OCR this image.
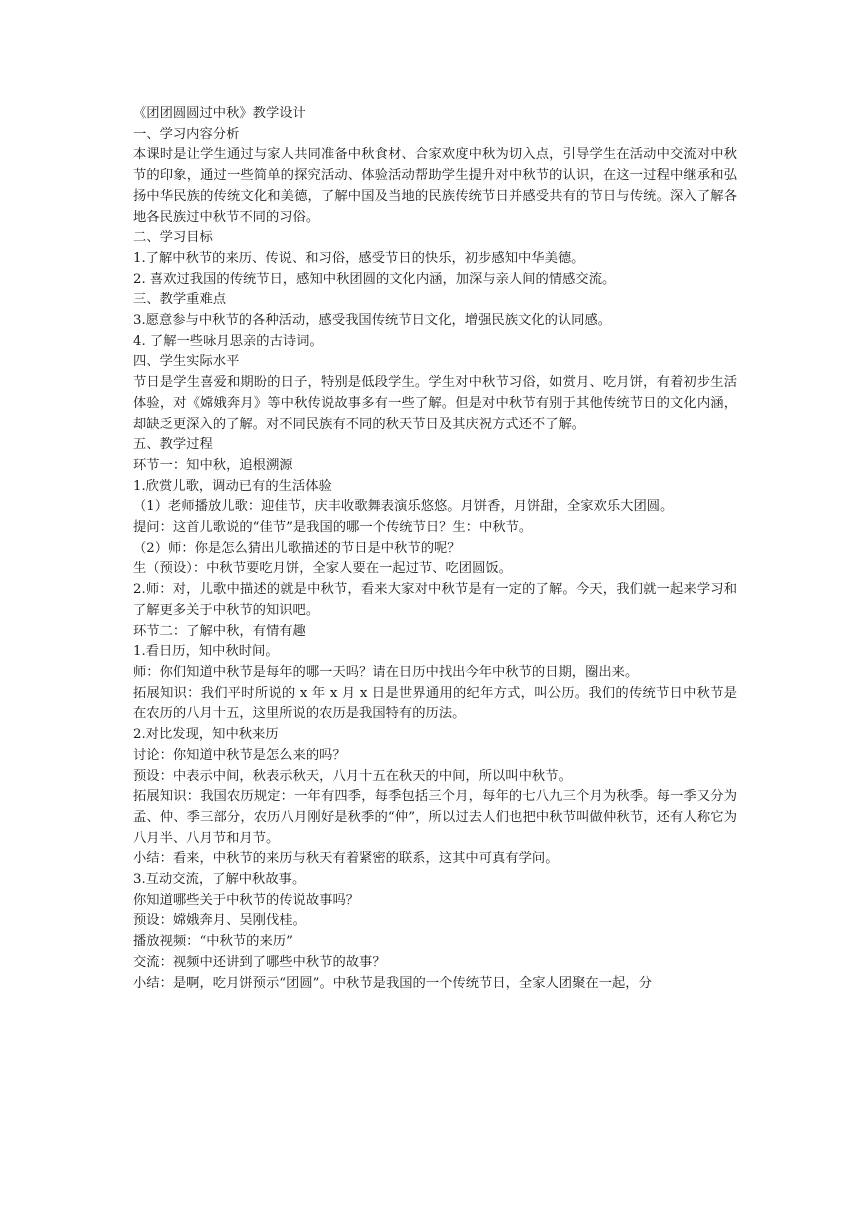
《团团圆圆过中秋》教学设计
一、学习内容分析
本课时是让学生通过与家人共同准备中秋食材、合家欢度中秋为切入点，引导学生在活动中交流对中秋节的印象，通过一些简单的探究活动、体验活动帮助学生提升对中秋节的认识，在这一过程中继承和弘扬中华民族的传统文化和美德，了解中国及当地的民族传统节日并感受共有的节日与传统。深入了解各地各民族过中秋节不同的习俗。
二、学习目标
1.了解中秋节的来历、传说、和习俗，感受节日的快乐，初步感知中华美德。
2. 喜欢过我国的传统节日，感知中秋团圆的文化内涵，加深与亲人间的情感交流。
三、教学重难点
3.愿意参与中秋节的各种活动，感受我国传统节日文化，增强民族文化的认同感。
4. 了解一些咏月思亲的古诗词。
四、学生实际水平
节日是学生喜爱和期盼的日子，特别是低段学生。学生对中秋节习俗，如赏月、吃月饼，有着初步生活体验，对《嫦娥奔月》等中秋传说故事多有一些了解。但是对中秋节有别于其他传统节日的文化内涵，却缺乏更深入的了解。对不同民族有不同的秋天节日及其庆祝方式还不了解。
五、教学过程
环节一：知中秋，追根溯源
1.欣赏儿歌，调动已有的生活体验
（1）老师播放儿歌：迎佳节，庆丰收歌舞表演乐悠悠。月饼香，月饼甜，全家欢乐大团圆。
提问：这首儿歌说的“佳节”是我国的哪一个传统节日？生：中秋节。
（2）师：你是怎么猜出儿歌描述的节日是中秋节的呢？
生（预设）：中秋节要吃月饼，全家人要在一起过节、吃团圆饭。
2.师：对，儿歌中描述的就是中秋节，看来大家对中秋节是有一定的了解。今天，我们就一起来学习和了解更多关于中秋节的知识吧。
环节二：了解中秋，有情有趣
1.看日历，知中秋时间。
师：你们知道中秋节是每年的哪一天吗？请在日历中找出今年中秋节的日期，圈出来。
拓展知识：我们平时所说的 x 年 x 月 x 日是世界通用的纪年方式，叫公历。我们的传统节日中秋节是在农历的八月十五，这里所说的农历是我国特有的历法。
2.对比发现，知中秋来历
讨论：你知道中秋节是怎么来的吗？
预设：中表示中间，秋表示秋天，八月十五在秋天的中间，所以叫中秋节。
拓展知识：我国农历规定：一年有四季，每季包括三个月，每年的七八九三个月为秋季。每一季又分为孟、仲、季三部分，农历八月刚好是秋季的“仲”，所以过去人们也把中秋节叫做仲秋节，还有人称它为八月半、八月节和月节。
小结：看来，中秋节的来历与秋天有着紧密的联系，这其中可真有学问。
3.互动交流，了解中秋故事。
你知道哪些关于中秋节的传说故事吗？
预设：嫦娥奔月、吴刚伐桂。
播放视频：“中秋节的来历”
交流：视频中还讲到了哪些中秋节的故事？
小结：是啊，吃月饼预示“团圆”。中秋节是我国的一个传统节日，全家人团聚在一起，分
